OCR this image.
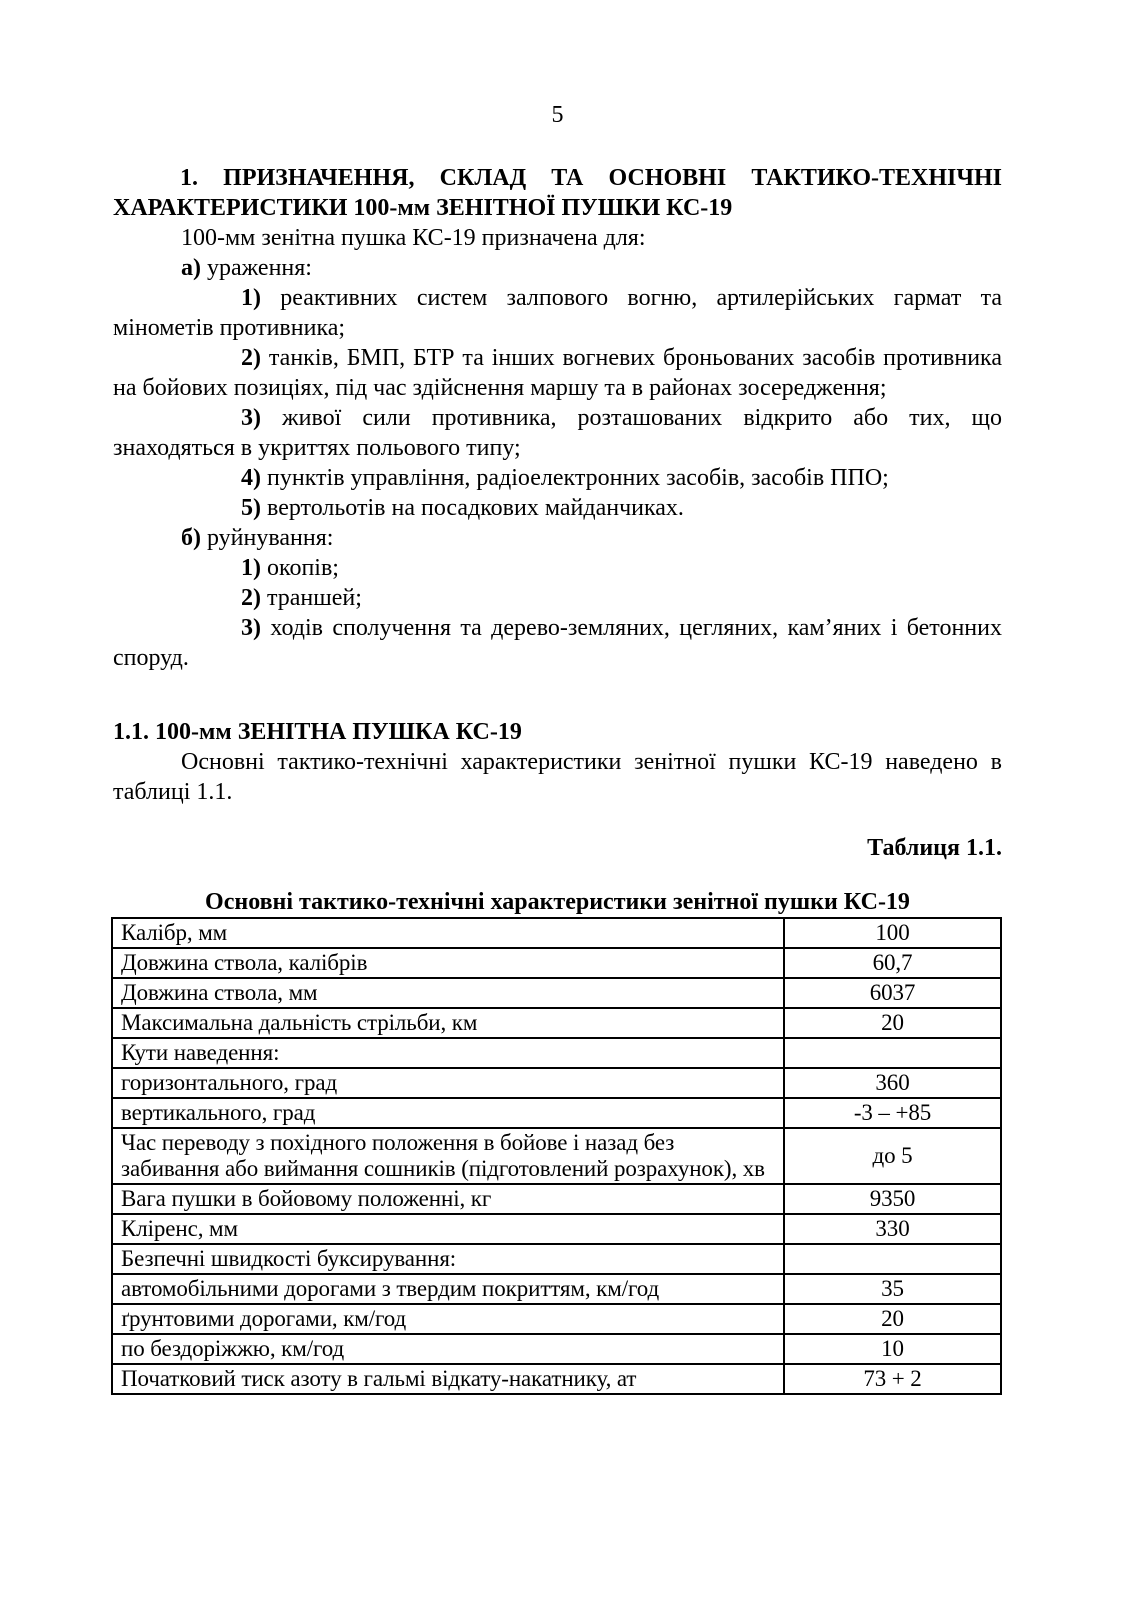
5
1. ПРИЗНАЧЕННЯ, СКЛАД ТА ОСНОВНІ ТАКТИКО-ТЕХНІЧНІ ХАРАКТЕРИСТИКИ 100-мм ЗЕНІТНОЇ ПУШКИ КС-19

100-мм зенітна пушка КС-19 призначена для:

а) ураження:

1) реактивних систем залпового вогню, артилерійських гармат та мінометів противника;

2) танків, БМП, БТР та інших вогневих броньованих засобів противника на бойових позиціях, під час здійснення маршу та в районах зосередження;

3) живої сили противника, розташованих відкрито або тих, що знаходяться в укриттях польового типу;

4) пунктів управління, радіоелектронних засобів, засобів ППО;

5) вертольотів на посадкових майданчиках.

б) руйнування:

1) окопів;

2) траншей;

3) ходів сполучення та дерево-земляних, цегляних, кам’яних і бетонних споруд.

1.1. 100-мм ЗЕНІТНА ПУШКА КС-19

Основні тактико-технічні характеристики зенітної пушки КС-19 наведено в таблиці 1.1.

Таблиця 1.1.

Основні тактико-технічні характеристики зенітної пушки КС-19

Калібр, мм	100
Довжина ствола, калібрів	60,7
Довжина ствола, мм	6037
Максимальна дальність стрільби, км	20
Кути наведення:	
горизонтального, град	360
вертикального, град	-3 – +85
Час переводу з похідного положення в бойове і назад без забивання або виймання сошників (підготовлений розрахунок), хв	до 5
Вага пушки в бойовому положенні, кг	9350
Кліренс, мм	330
Безпечні швидкості буксирування:	
автомобільними дорогами з твердим покриттям, км/год	35
ґрунтовими дорогами, км/год	20
по бездоріжжю, км/год	10
Початковий тиск азоту в гальмі відкату-накатнику, ат	73 + 2
